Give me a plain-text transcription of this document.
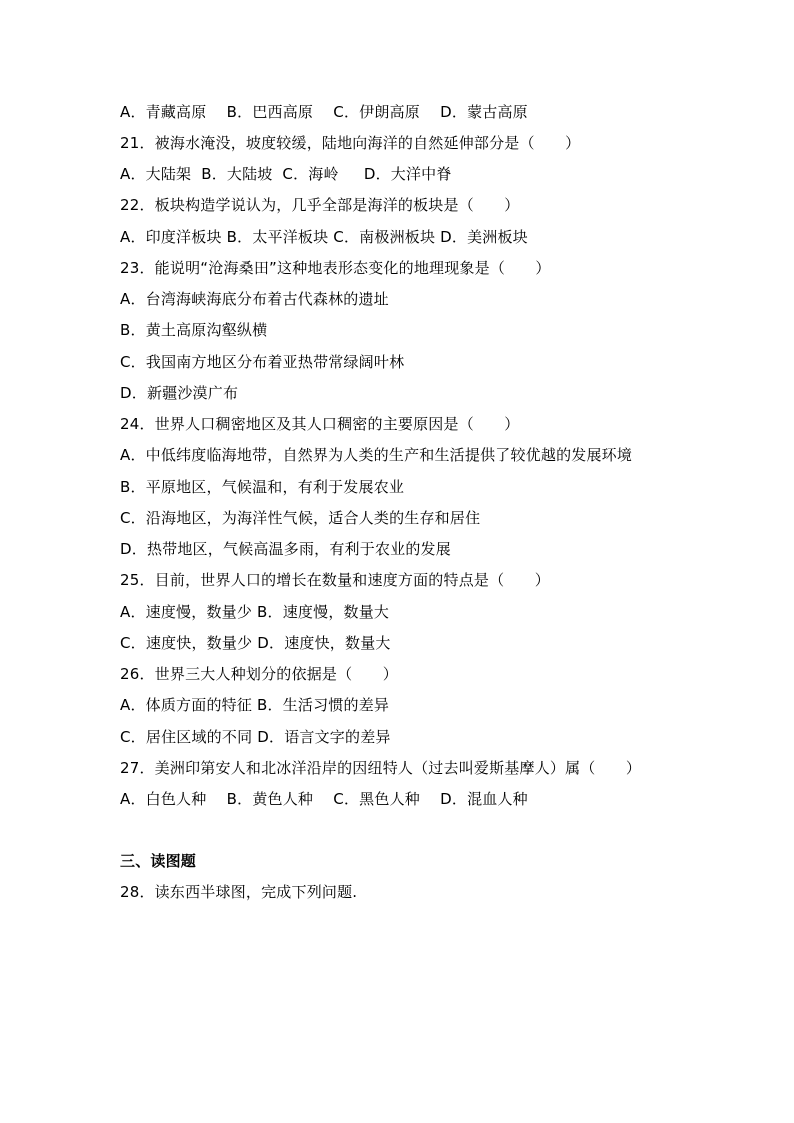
A．青藏高原　 B．巴西高原　 C．伊朗高原　 D．蒙古高原
21．被海水淹没，坡度较缓，陆地向海洋的自然延伸部分是（　　）
A．大陆架  B．大陆坡  C．海岭　  D．大洋中脊
22．板块构造学说认为，几乎全部是海洋的板块是（　　）
A．印度洋板块 B．太平洋板块 C．南极洲板块 D．美洲板块
23．能说明“沧海桑田”这种地表形态变化的地理现象是（　　）
A．台湾海峡海底分布着古代森林的遗址
B．黄土高原沟壑纵横
C．我国南方地区分布着亚热带常绿阔叶林
D．新疆沙漠广布
24．世界人口稠密地区及其人口稠密的主要原因是（　　）
A．中低纬度临海地带，自然界为人类的生产和生活提供了较优越的发展环境
B．平原地区，气候温和，有利于发展农业
C．沿海地区，为海洋性气候，适合人类的生存和居住
D．热带地区，气候高温多雨，有利于农业的发展
25．目前，世界人口的增长在数量和速度方面的特点是（　　）
A．速度慢，数量少 B．速度慢，数量大
C．速度快，数量少 D．速度快，数量大
26．世界三大人种划分的依据是（　　）
A．体质方面的特征 B．生活习惯的差异
C．居住区域的不同 D．语言文字的差异
27．美洲印第安人和北冰洋沿岸的因纽特人（过去叫爱斯基摩人）属（　　）
A．白色人种　 B．黄色人种　 C．黑色人种　 D．混血人种
三、读图题
28．读东西半球图，完成下列问题.
